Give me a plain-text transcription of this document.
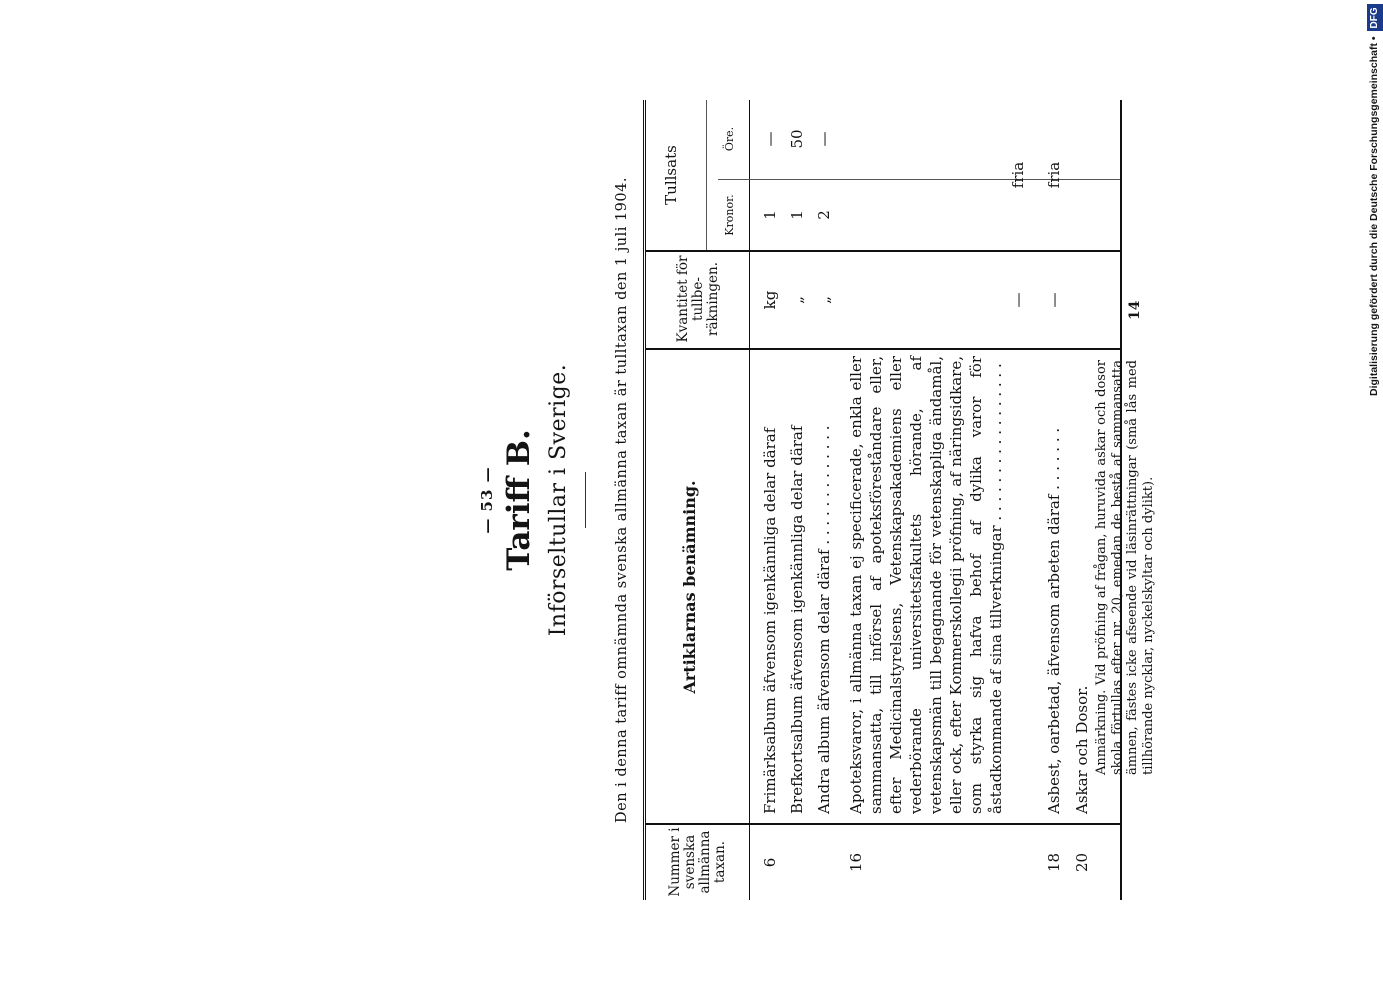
— 53 — Tariff B. Införseltullar i Sverige.	Den i denna tariff omnämnda svenska allmänna taxan är tulltaxan den 1 juli 1904.
Nummer i svenska allmänna taxan.
Artiklarnas benämning.
Kvantitet för tullbe- räkningen.
Tullsats
Kronor.
Öre.
6
Frimärksalbum äfvensom igenkännliga delar däraf
kg
1
—
Brefkortsalbum äfvensom igenkännliga delar däraf
„
1
50
Andra album äfvensom delar däraf . . . . . . . . . . . . .
„
2
—
16
Apoteksvaror, i allmänna taxan ej specificerade, enkla eller sammansatta, till införsel af apoteksföreståndare eller, efter Medicinalstyrelsens, Vetenskapsakademiens eller vederbörande universitetsfakultets hörande, af vetenskapsmän till begagnande för vetenskapliga ändamål, eller ock, efter Kommerskollegii pröfning, af näringsidkare, som styrka sig hafva behof af dylika varor för åstadkommande af sina tillverkningar . . . . . . . . . . . . . . . . .
—
fria
18
Asbest, oarbetad, äfvensom arbeten däraf . . . . . . .
—
fria
20
Askar och Dosor. Anmärkning. Vid pröfning af frågan, huruvida askar och dosor skola förtullas efter nr. 20, emedan de bestå af sammansatta ämnen, fästes icke afseende vid läsinrättningar (små lås med tillhörande nycklar, nyckelskyltar och dylikt).
14	Digitalisierung gefördert durch die Deutsche Forschungsgemeinschaft • DFG
